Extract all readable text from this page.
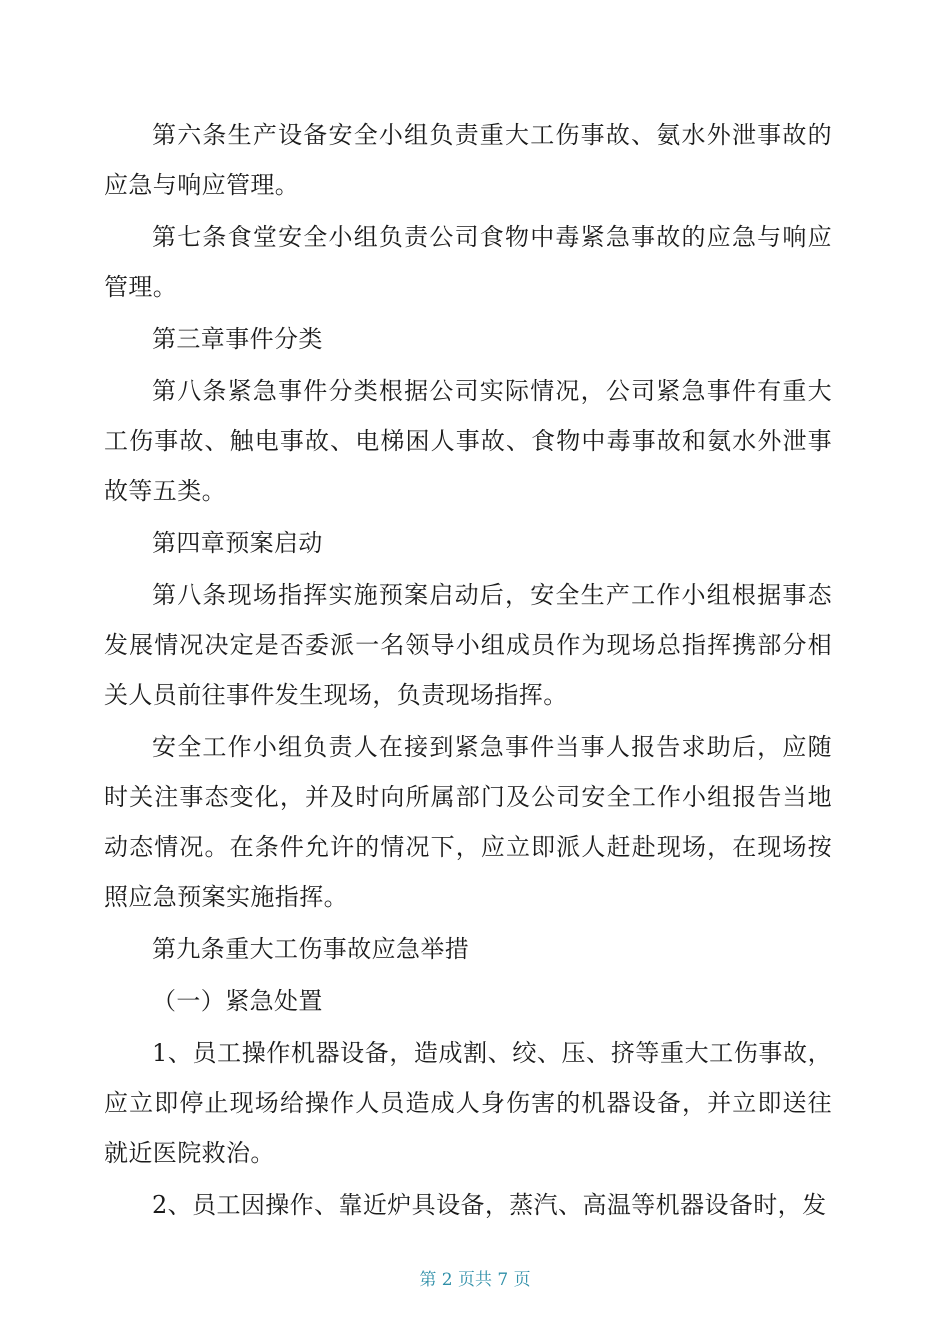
第六条生产设备安全小组负责重大工伤事故、氨水外泄事故的应急与响应管理。

第七条食堂安全小组负责公司食物中毒紧急事故的应急与响应管理。

第三章事件分类

第八条紧急事件分类根据公司实际情况，公司紧急事件有重大工伤事故、触电事故、电梯困人事故、食物中毒事故和氨水外泄事故等五类。

第四章预案启动

第八条现场指挥实施预案启动后，安全生产工作小组根据事态发展情况决定是否委派一名领导小组成员作为现场总指挥携部分相关人员前往事件发生现场，负责现场指挥。

安全工作小组负责人在接到紧急事件当事人报告求助后，应随时关注事态变化，并及时向所属部门及公司安全工作小组报告当地动态情况。在条件允许的情况下，应立即派人赶赴现场，在现场按照应急预案实施指挥。

第九条重大工伤事故应急举措

（一）紧急处置

1、员工操作机器设备，造成割、绞、压、挤等重大工伤事故，应立即停止现场给操作人员造成人身伤害的机器设备，并立即送往就近医院救治。

2、员工因操作、靠近炉具设备，蒸汽、高温等机器设备时，发

第 2 页共 7 页
